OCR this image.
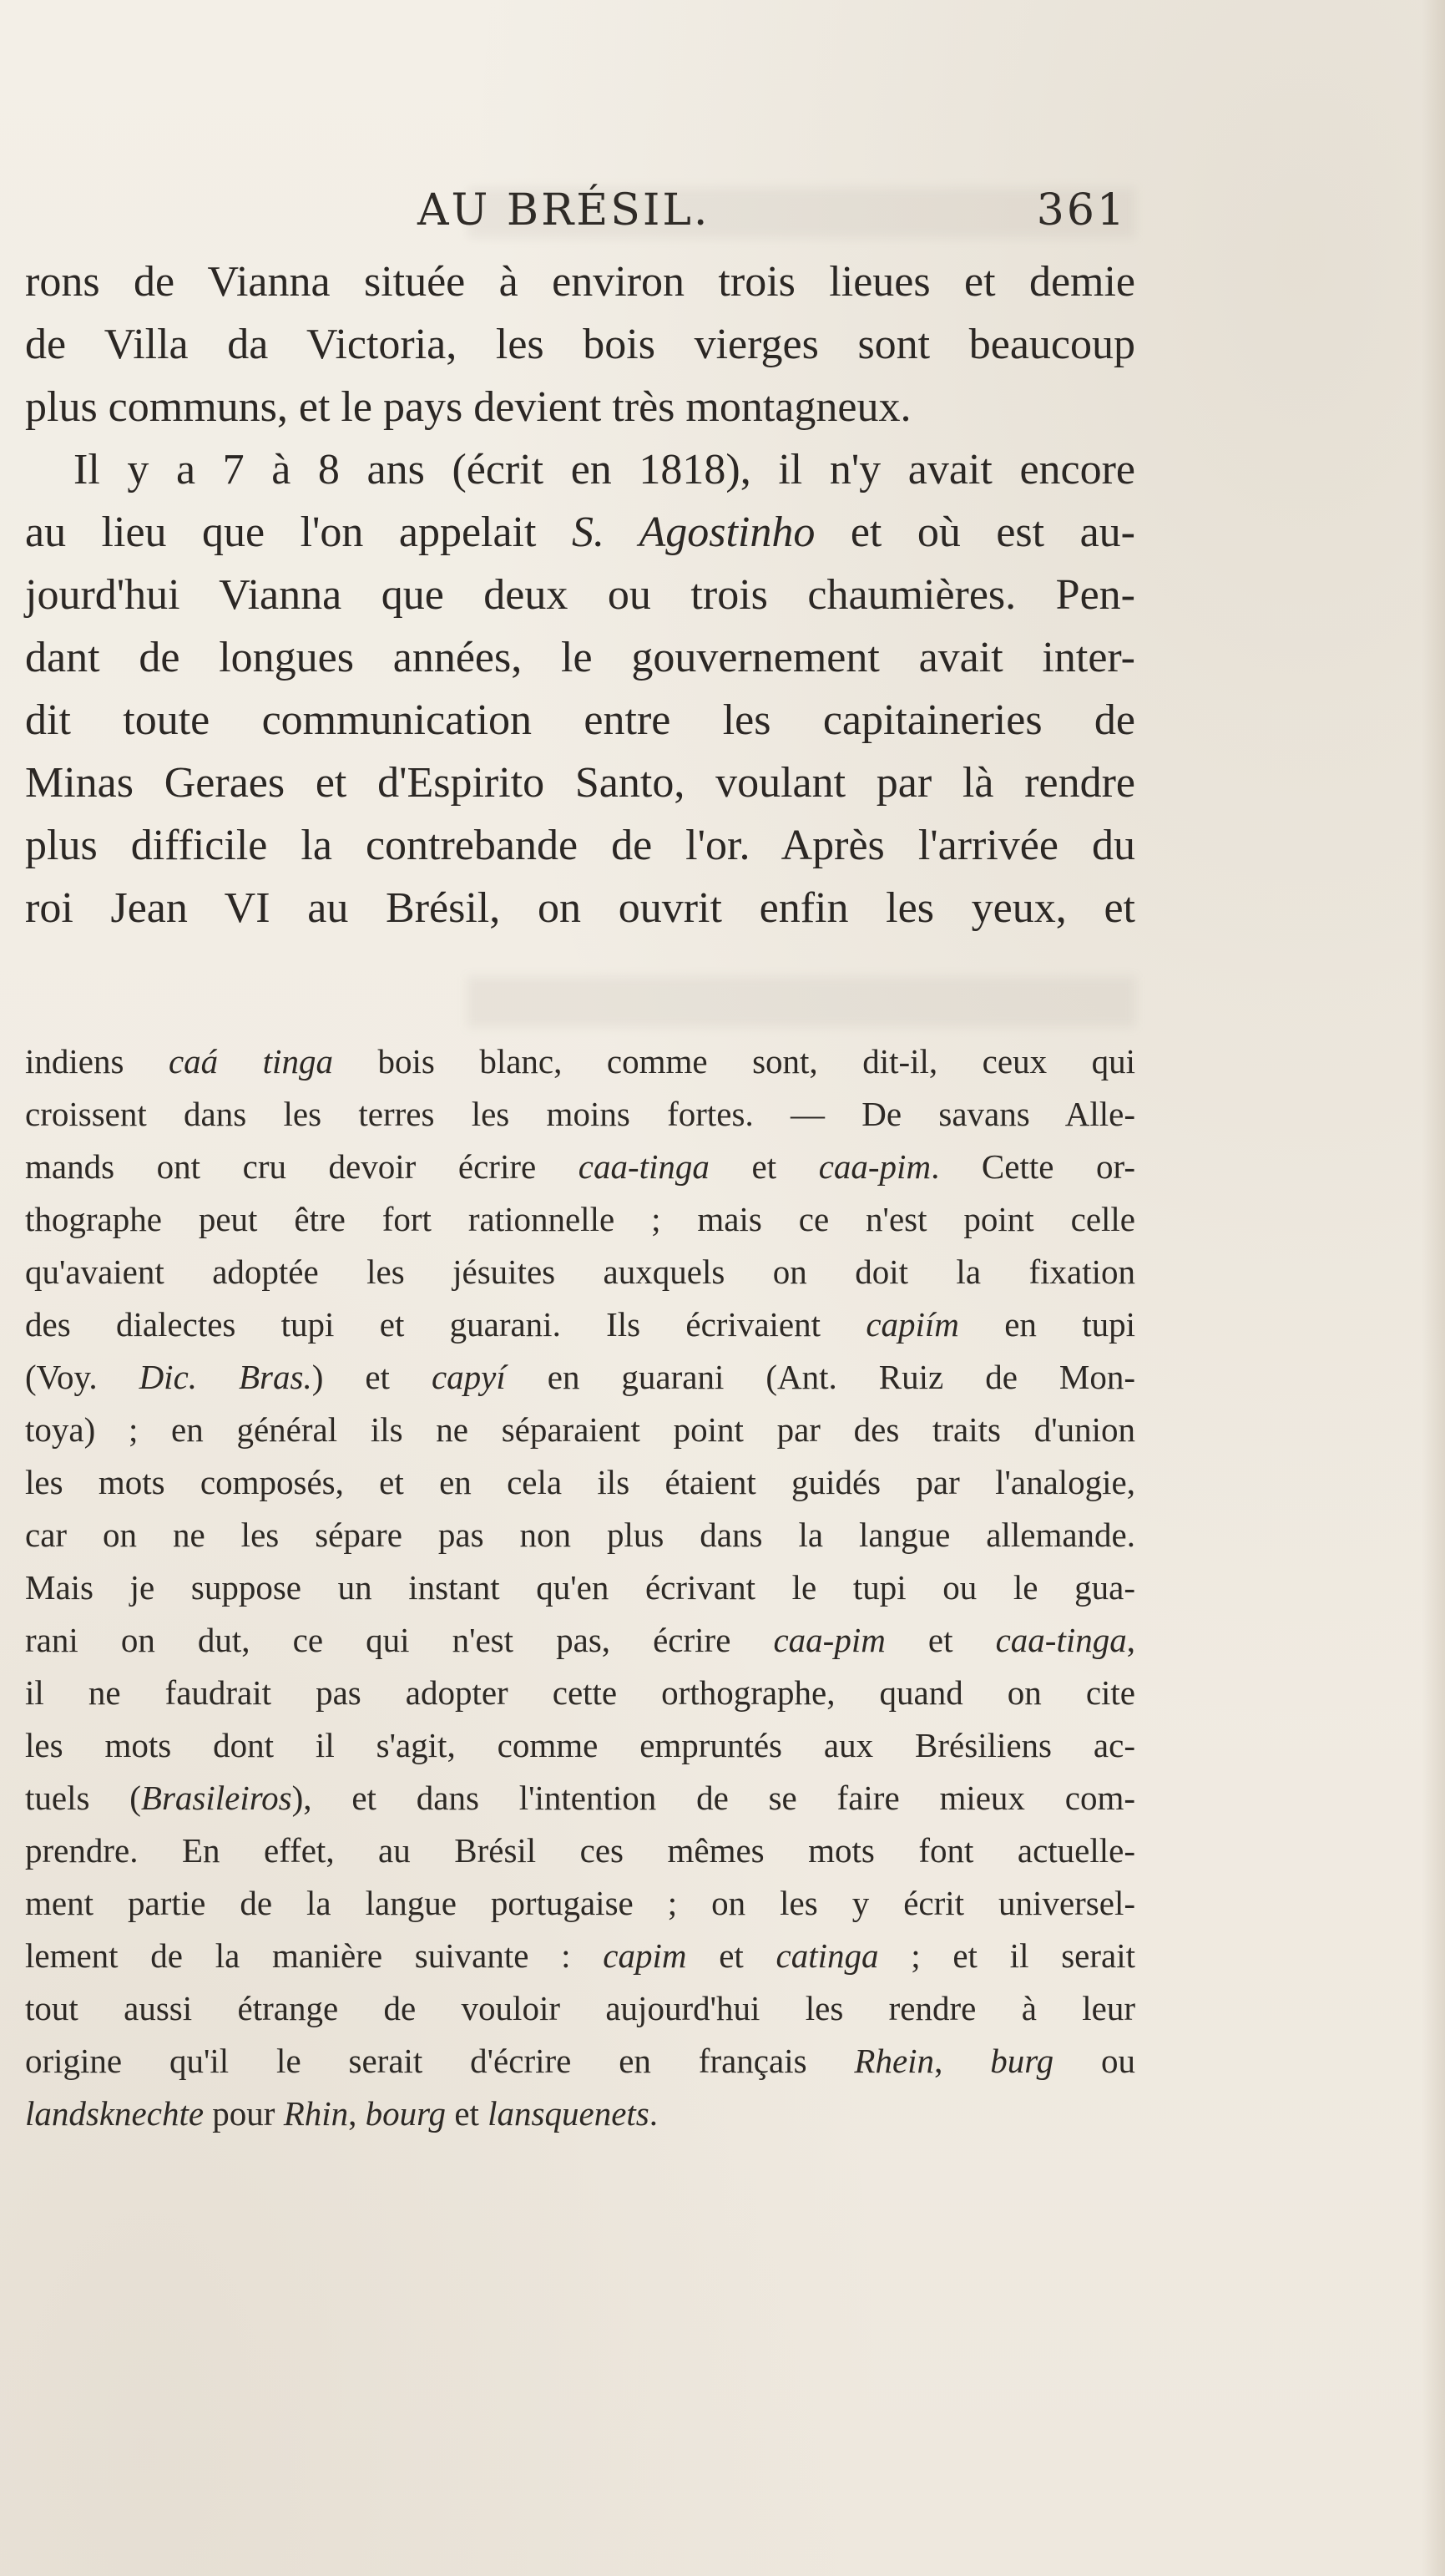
AU BRÉSIL.	361
rons de Vianna située à environ trois lieues et demie
de Villa da Victoria, les bois vierges sont beaucoup
plus communs, et le pays devient très montagneux.
Il y a 7 à 8 ans (écrit en 1818), il n'y avait encore
au lieu que l'on appelait S. Agostinho et où est au-
jourd'hui Vianna que deux ou trois chaumières. Pen-
dant de longues années, le gouvernement avait inter-
dit toute communication entre les capitaineries de
Minas Geraes et d'Espirito Santo, voulant par là rendre
plus difficile la contrebande de l'or. Après l'arrivée du
roi Jean VI au Brésil, on ouvrit enfin les yeux, et
indiens caá tinga bois blanc, comme sont, dit-il, ceux qui
croissent dans les terres les moins fortes. — De savans Alle-
mands ont cru devoir écrire caa-tinga et caa-pim. Cette or-
thographe peut être fort rationnelle ; mais ce n'est point celle
qu'avaient adoptée les jésuites auxquels on doit la fixation
des dialectes tupi et guarani. Ils écrivaient capiím en tupi
(Voy. Dic. Bras.) et capyí en guarani (Ant. Ruiz de Mon-
toya) ; en général ils ne séparaient point par des traits d'union
les mots composés, et en cela ils étaient guidés par l'analogie,
car on ne les sépare pas non plus dans la langue allemande.
Mais je suppose un instant qu'en écrivant le tupi ou le gua-
rani on dut, ce qui n'est pas, écrire caa-pim et caa-tinga,
il ne faudrait pas adopter cette orthographe, quand on cite
les mots dont il s'agit, comme empruntés aux Brésiliens ac-
tuels (Brasileiros), et dans l'intention de se faire mieux com-
prendre. En effet, au Brésil ces mêmes mots font actuelle-
ment partie de la langue portugaise ; on les y écrit universel-
lement de la manière suivante : capim et catinga ; et il serait
tout aussi étrange de vouloir aujourd'hui les rendre à leur
origine qu'il le serait d'écrire en français Rhein, burg ou
landsknechte pour Rhin, bourg et lansquenets.
